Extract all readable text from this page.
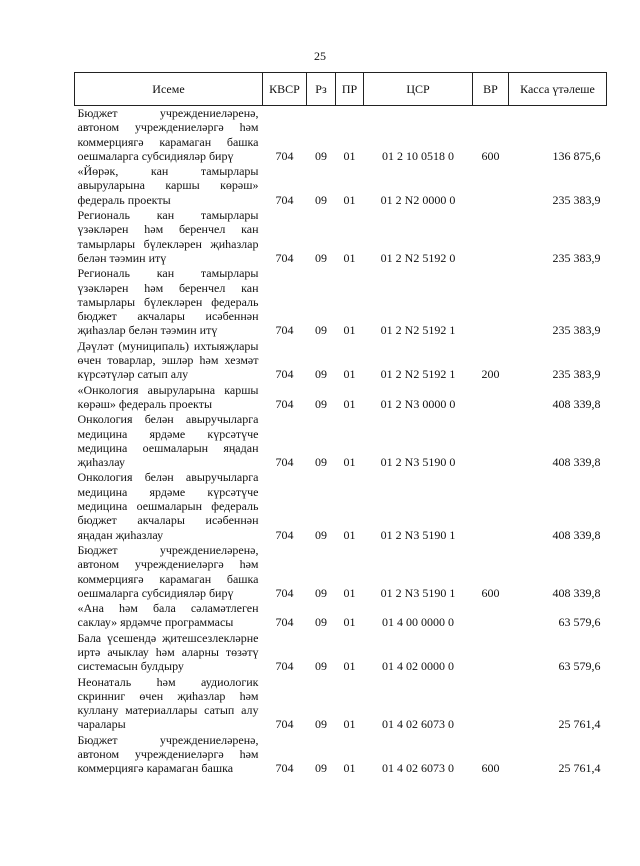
25
Исеме	КВСР	Рз	ПР	ЦСР	ВР	Касса үтәлеше
Бюджет учреждениеләренә, автоном учреждениеләргә һәм коммерциягә карамаган башка оешмаларга субсидияләр бирү	704	09	01	01 2 10 0518 0	600	136 875,6
«Йөрәк, кан тамырлары авыруларына каршы көрәш» федераль проекты	704	09	01	01 2 N2 0000 0		235 383,9
Региональ кан тамырлары үзәкләрен һәм беренчел кан тамырлары бүлекләрен җиһазлар белән тәэмин итү	704	09	01	01 2 N2 5192 0		235 383,9
Региональ кан тамырлары үзәкләрен һәм беренчел кан тамырлары бүлекләрен федераль бюджет акчалары исәбеннән җиһазлар белән тәэмин итү	704	09	01	01 2 N2 5192 1		235 383,9
Дәүләт (муниципаль) ихтыяҗлары өчен товарлар, эшләр һәм хезмәт күрсәтүләр сатып алу	704	09	01	01 2 N2 5192 1	200	235 383,9
«Онкология авыруларына каршы көрәш» федераль проекты	704	09	01	01 2 N3 0000 0		408 339,8
Онкология белән авыручыларга медицина ярдәме күрсәтүче медицина оешмаларын яңадан җиһазлау	704	09	01	01 2 N3 5190 0		408 339,8
Онкология белән авыручыларга медицина ярдәме күрсәтүче медицина оешмаларын федераль бюджет акчалары исәбеннән яңадан җиһазлау	704	09	01	01 2 N3 5190 1		408 339,8
Бюджет учреждениеләренә, автоном учреждениеләргә һәм коммерциягә карамаган башка оешмаларга субсидияләр бирү	704	09	01	01 2 N3 5190 1	600	408 339,8
«Ана һәм бала сәламәтлеген саклау» ярдәмче программасы	704	09	01	01 4 00 0000 0		63 579,6
Бала үсешендә җитешсезлекләрне иртә ачыклау һәм аларны төзәтү системасын булдыру	704	09	01	01 4 02 0000 0		63 579,6
Неонаталь һәм аудиологик скринниг өчен җиһазлар һәм куллану материаллары сатып алу чаралары	704	09	01	01 4 02 6073 0		25 761,4
Бюджет учреждениеләренә, автоном учреждениеләргә һәм коммерциягә карамаган башка	704	09	01	01 4 02 6073 0	600	25 761,4
